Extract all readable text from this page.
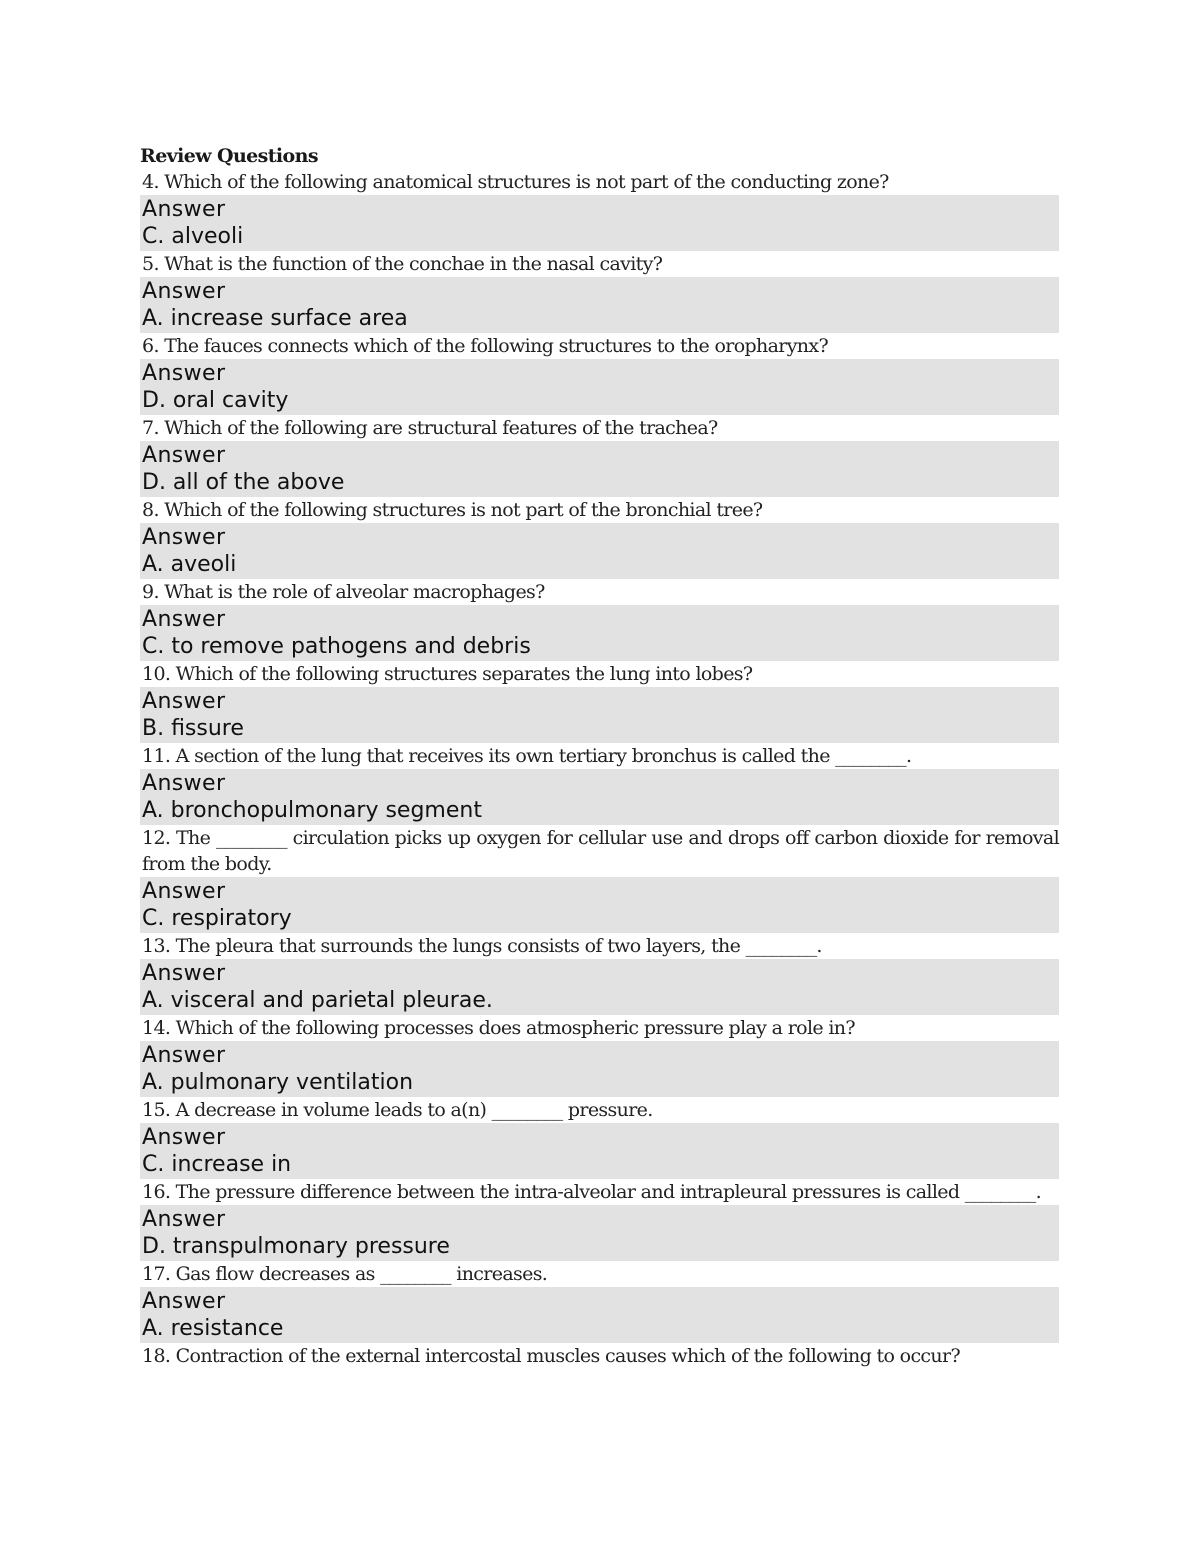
Review Questions
4. Which of the following anatomical structures is not part of the conducting zone?
Answer
C. alveoli
5. What is the function of the conchae in the nasal cavity?
Answer
A. increase surface area
6. The fauces connects which of the following structures to the oropharynx?
Answer
D. oral cavity
7. Which of the following are structural features of the trachea?
Answer
D. all of the above
8. Which of the following structures is not part of the bronchial tree?
Answer
A. aveoli
9. What is the role of alveolar macrophages?
Answer
C. to remove pathogens and debris
10. Which of the following structures separates the lung into lobes?
Answer
B. fissure
11. A section of the lung that receives its own tertiary bronchus is called the ________.
Answer
A. bronchopulmonary segment
12. The ________ circulation picks up oxygen for cellular use and drops off carbon dioxide for removal from the body.
Answer
C. respiratory
13. The pleura that surrounds the lungs consists of two layers, the ________.
Answer
A. visceral and parietal pleurae.
14. Which of the following processes does atmospheric pressure play a role in?
Answer
A. pulmonary ventilation
15. A decrease in volume leads to a(n) ________ pressure.
Answer
C. increase in
16. The pressure difference between the intra-alveolar and intrapleural pressures is called ________.
Answer
D. transpulmonary pressure
17. Gas flow decreases as ________ increases.
Answer
A. resistance
18. Contraction of the external intercostal muscles causes which of the following to occur?
